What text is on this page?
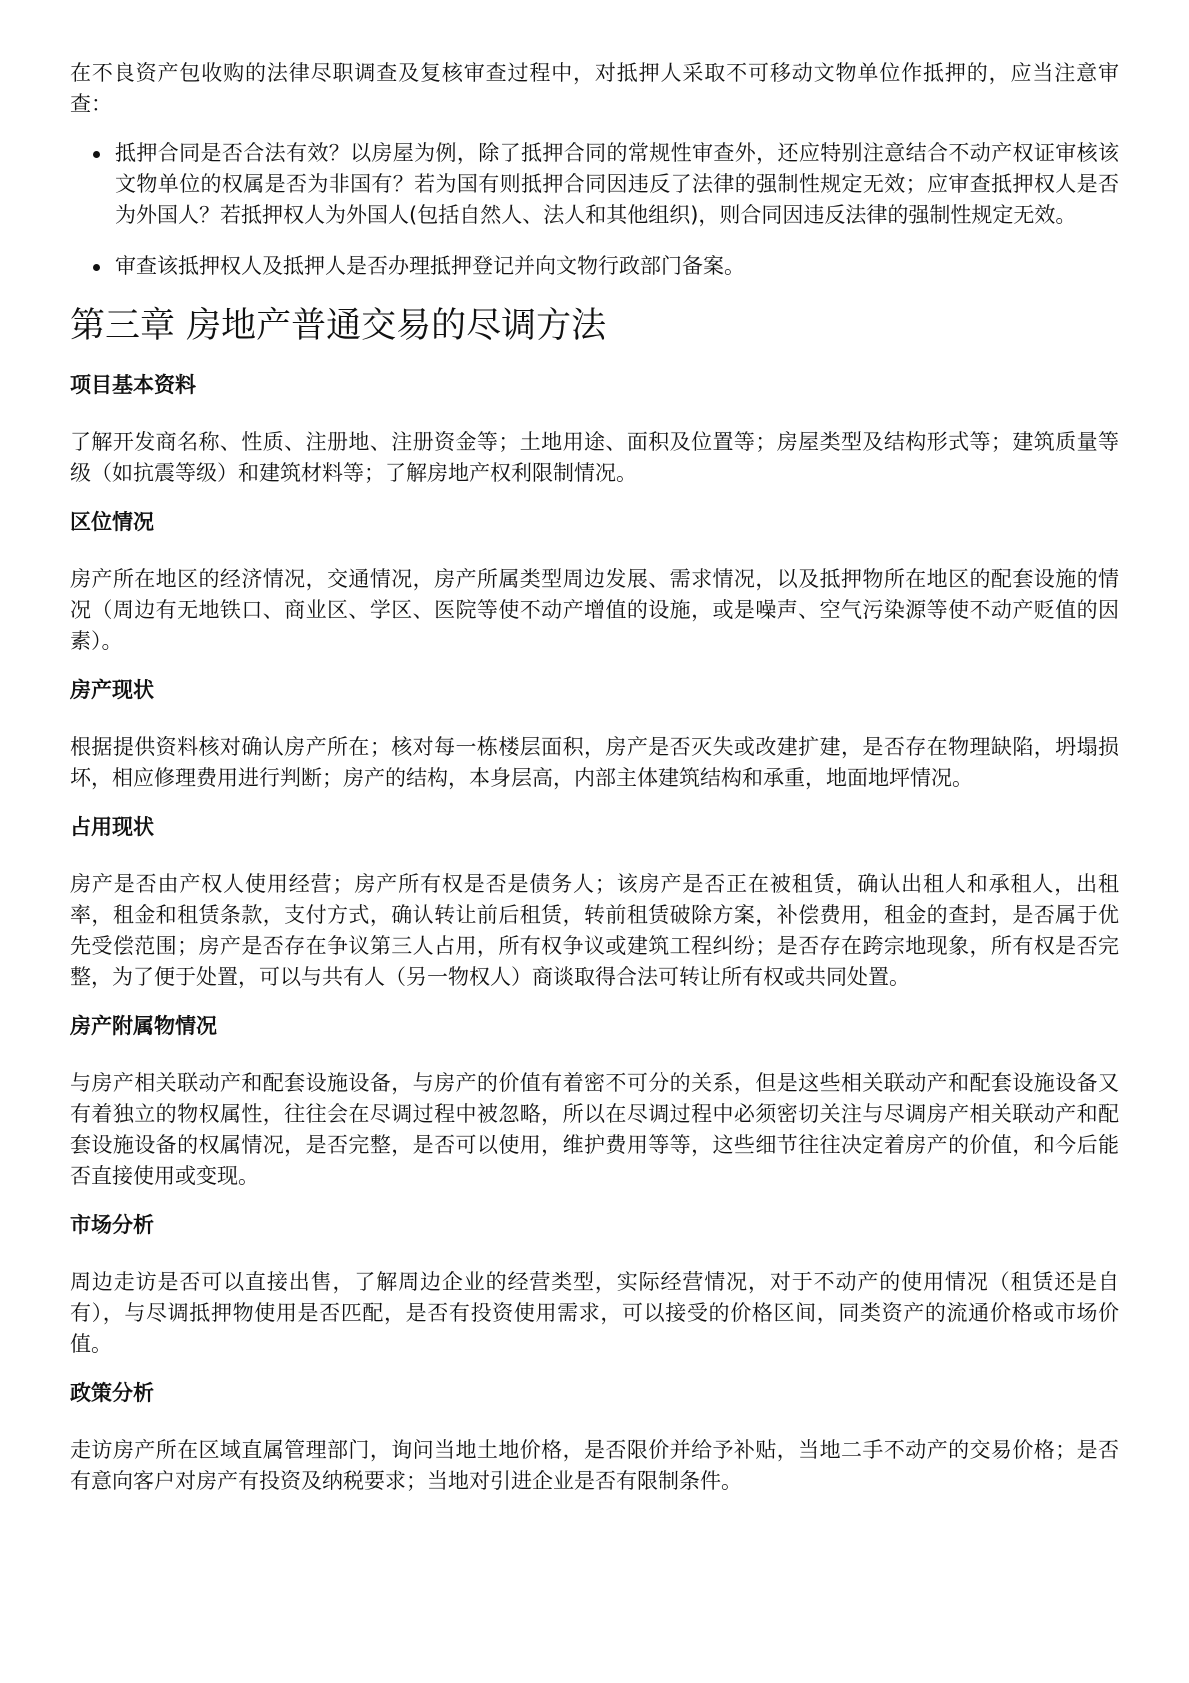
在不良资产包收购的法律尽职调查及复核审查过程中，对抵押人采取不可移动文物单位作抵押的，应当注意审查：

抵押合同是否合法有效？以房屋为例，除了抵押合同的常规性审查外，还应特别注意结合不动产权证审核该文物单位的权属是否为非国有？若为国有则抵押合同因违反了法律的强制性规定无效；应审查抵押权人是否为外国人？若抵押权人为外国人(包括自然人、法人和其他组织)，则合同因违反法律的强制性规定无效。
审查该抵押权人及抵押人是否办理抵押登记并向文物行政部门备案。
第三章 房地产普通交易的尽调方法
项目基本资料

了解开发商名称、性质、注册地、注册资金等；土地用途、面积及位置等；房屋类型及结构形式等；建筑质量等级（如抗震等级）和建筑材料等；了解房地产权利限制情况。

区位情况

房产所在地区的经济情况，交通情况，房产所属类型周边发展、需求情况，以及抵押物所在地区的配套设施的情况（周边有无地铁口、商业区、学区、医院等使不动产增值的设施，或是噪声、空气污染源等使不动产贬值的因素）。

房产现状

根据提供资料核对确认房产所在；核对每一栋楼层面积，房产是否灭失或改建扩建，是否存在物理缺陷，坍塌损坏，相应修理费用进行判断；房产的结构，本身层高，内部主体建筑结构和承重，地面地坪情况。

占用现状

房产是否由产权人使用经营；房产所有权是否是债务人；该房产是否正在被租赁，确认出租人和承租人，出租率，租金和租赁条款，支付方式，确认转让前后租赁，转前租赁破除方案，补偿费用，租金的查封，是否属于优先受偿范围；房产是否存在争议第三人占用，所有权争议或建筑工程纠纷；是否存在跨宗地现象，所有权是否完整，为了便于处置，可以与共有人（另一物权人）商谈取得合法可转让所有权或共同处置。

房产附属物情况

与房产相关联动产和配套设施设备，与房产的价值有着密不可分的关系，但是这些相关联动产和配套设施设备又有着独立的物权属性，往往会在尽调过程中被忽略，所以在尽调过程中必须密切关注与尽调房产相关联动产和配套设施设备的权属情况，是否完整，是否可以使用，维护费用等等，这些细节往往决定着房产的价值，和今后能否直接使用或变现。

市场分析

周边走访是否可以直接出售，了解周边企业的经营类型，实际经营情况，对于不动产的使用情况（租赁还是自有），与尽调抵押物使用是否匹配，是否有投资使用需求，可以接受的价格区间，同类资产的流通价格或市场价值。

政策分析

走访房产所在区域直属管理部门，询问当地土地价格，是否限价并给予补贴，当地二手不动产的交易价格；是否有意向客户对房产有投资及纳税要求；当地对引进企业是否有限制条件。
